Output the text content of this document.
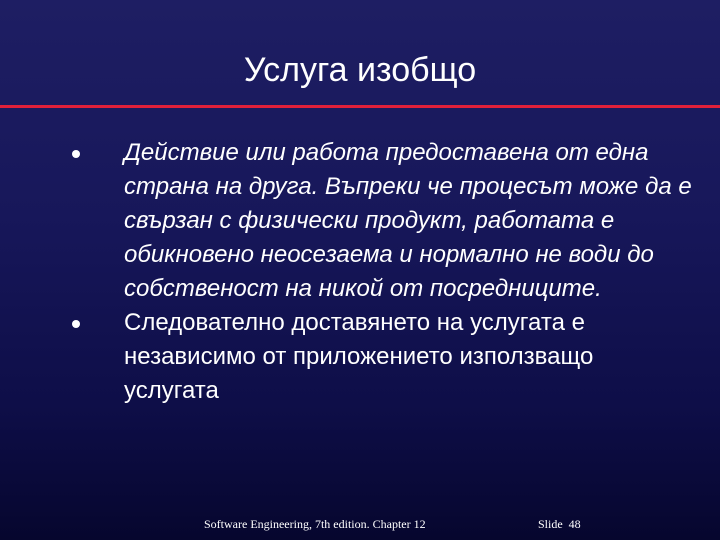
Услуга изобщо
Действие или работа предоставена от една страна на друга. Въпреки че процесът може да е свързан с физически продукт, работата е обикновено неосезаема и нормално не води до собственост на никой от посредниците.
Следователно доставянето на услугата е независимо от приложението използващо услугата
Software Engineering, 7th edition. Chapter 12	Slide 48
